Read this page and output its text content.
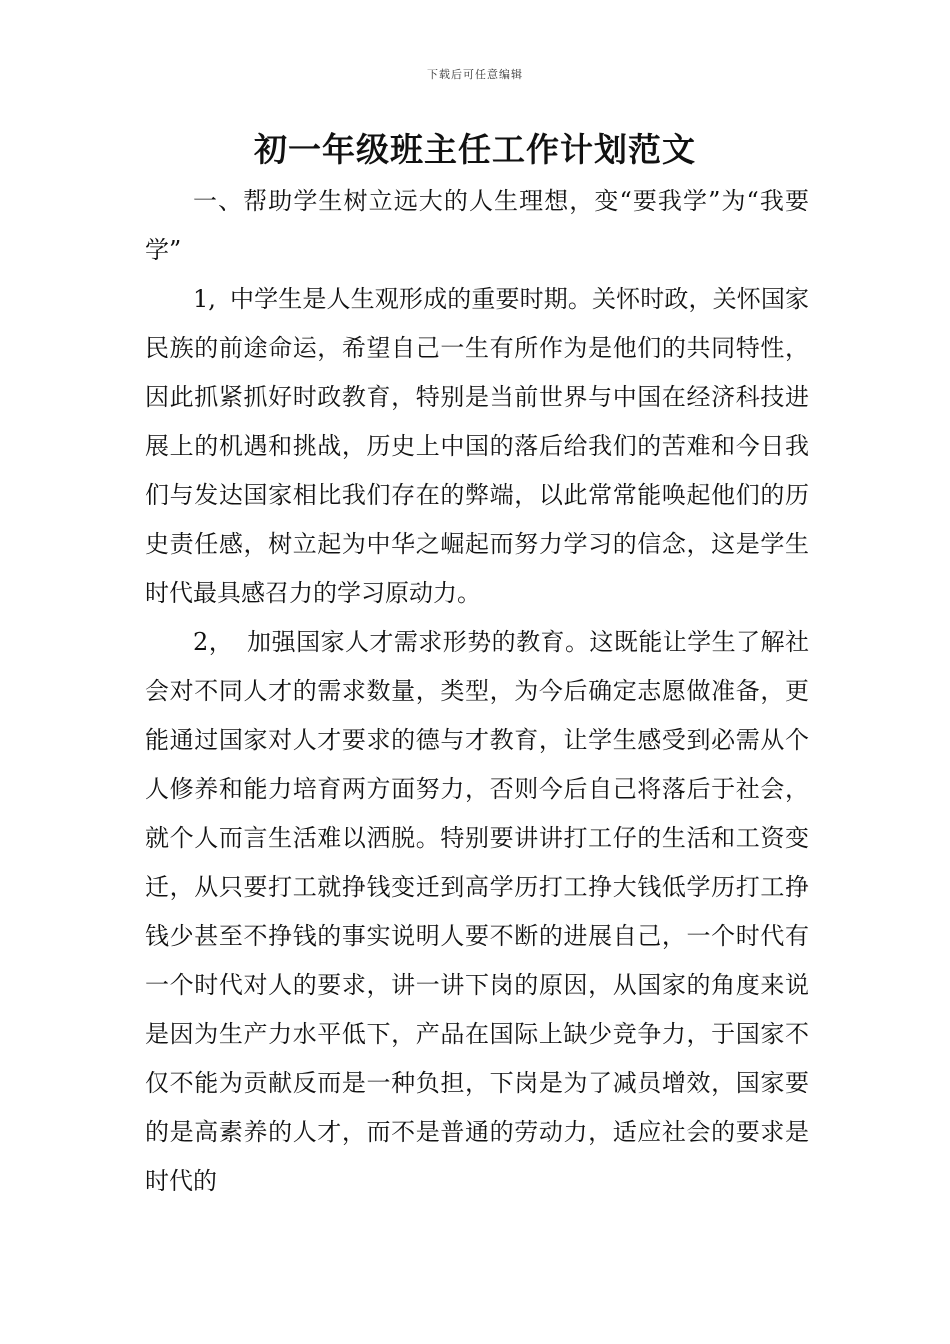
下载后可任意编辑
初一年级班主任工作计划范文

一、帮助学生树立远大的人生理想，变“要我学”为“我要学”

1, 中学生是人生观形成的重要时期。关怀时政，关怀国家民族的前途命运，希望自己一生有所作为是他们的共同特性，因此抓紧抓好时政教育，特别是当前世界与中国在经济科技进展上的机遇和挑战，历史上中国的落后给我们的苦难和今日我们与发达国家相比我们存在的弊端，以此常常能唤起他们的历史责任感，树立起为中华之崛起而努力学习的信念，这是学生时代最具感召力的学习原动力。

2， 加强国家人才需求形势的教育。这既能让学生了解社会对不同人才的需求数量，类型，为今后确定志愿做准备，更能通过国家对人才要求的德与才教育，让学生感受到必需从个人修养和能力培育两方面努力，否则今后自己将落后于社会，就个人而言生活难以洒脱。特别要讲讲打工仔的生活和工资变迁，从只要打工就挣钱变迁到高学历打工挣大钱低学历打工挣钱少甚至不挣钱的事实说明人要不断的进展自己，一个时代有一个时代对人的要求，讲一讲下岗的原因，从国家的角度来说是因为生产力水平低下，产品在国际上缺少竞争力，于国家不仅不能为贡献反而是一种负担，下岗是为了减员增效，国家要的是高素养的人才，而不是普通的劳动力，适应社会的要求是时代的
